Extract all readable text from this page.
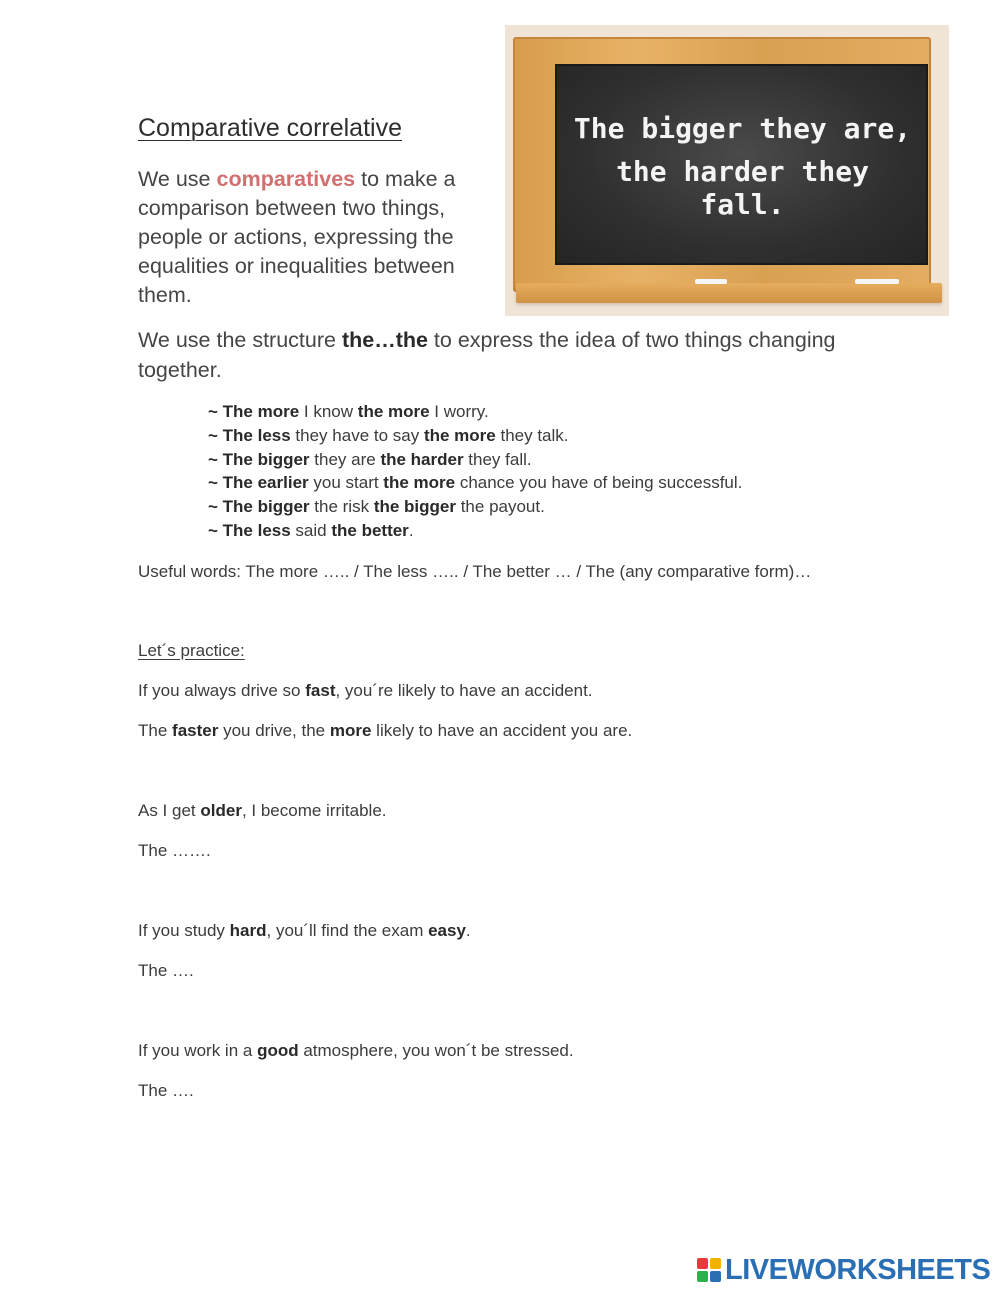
The bigger they are,
the harder they fall.
Comparative correlative
We use comparatives to make a comparison between two things, people or actions, expressing the equalities or inequalities between them.
We use the structure the…the to express the idea of two things changing together.
~ The more I know the more I worry.
~ The less they have to say the more they talk.
~ The bigger they are the harder they fall.
~ The earlier you start the more chance you have of being successful.
~ The bigger the risk the bigger the payout.
~ The less said the better.
Useful words: The more ….. / The less ….. / The better … / The (any comparative form)…
Let´s practice:
If you always drive so fast, you´re likely to have an accident.
The faster you drive, the more likely to have an accident you are.
As I get older, I become irritable.
The …….
If you study hard, you´ll find the exam easy.
The ….
If you work in a good atmosphere, you won´t be stressed.
The ….
LIVEWORKSHEETS
